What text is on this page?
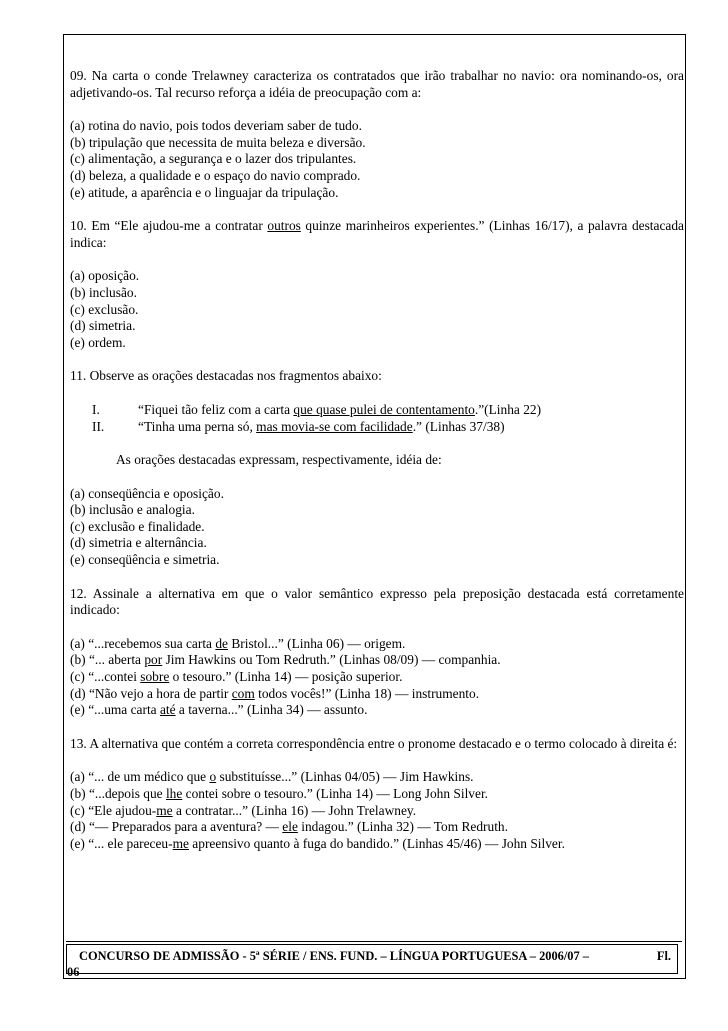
09. Na carta o conde Trelawney caracteriza os contratados que irão trabalhar no navio: ora nominando-os, ora adjetivando-os. Tal recurso reforça a idéia de preocupação com a:

(a) rotina do navio, pois todos deveriam saber de tudo.

(b) tripulação que necessita de muita beleza e diversão.

(c) alimentação, a segurança e o lazer dos tripulantes.

(d) beleza, a qualidade e o espaço do navio comprado.

(e) atitude, a aparência e o linguajar da tripulação.

10. Em “Ele ajudou-me a contratar outros quinze marinheiros experientes.” (Linhas 16/17), a palavra destacada indica:

(a) oposição.

(b) inclusão.

(c) exclusão.

(d) simetria.

(e) ordem.

11. Observe as orações destacadas nos fragmentos abaixo:

I.	“Fiquei tão feliz com a carta que quase pulei de contentamento.”(Linha 22)
II.	“Tinha uma perna só, mas movia-se com facilidade.” (Linhas 37/38)

As orações destacadas expressam, respectivamente, idéia de:

(a) conseqüência e oposição.

(b) inclusão e analogia.

(c) exclusão e finalidade.

(d) simetria e alternância.

(e) conseqüência e simetria.

12. Assinale a alternativa em que o valor semântico expresso pela preposição destacada está corretamente indicado:

(a) “...recebemos sua carta de Bristol...” (Linha 06) — origem.

(b) “... aberta por Jim Hawkins ou Tom Redruth.” (Linhas 08/09) — companhia.

(c) “...contei sobre o tesouro.” (Linha 14) — posição superior.

(d) “Não vejo a hora de partir com todos vocês!” (Linha 18) — instrumento.

(e) “...uma carta até a taverna...” (Linha 34) — assunto.

13. A alternativa que contém a correta correspondência entre o pronome destacado e o termo colocado à direita é:

(a) “... de um médico que o substituísse...” (Linhas 04/05) — Jim Hawkins.

(b) “...depois que lhe contei sobre o tesouro.” (Linha 14) — Long John Silver.

(c) “Ele ajudou-me a contratar...” (Linha 16) — John Trelawney.

(d) “— Preparados para a aventura? — ele indagou.” (Linha 32) — Tom Redruth.

(e) “... ele pareceu-me apreensivo quanto à fuga do bandido.” (Linhas 45/46) — John Silver.

CONCURSO DE ADMISSÃO - 5ª SÉRIE / ENS. FUND. – LÍNGUA PORTUGUESA – 2006/07 –	Fl.
06
